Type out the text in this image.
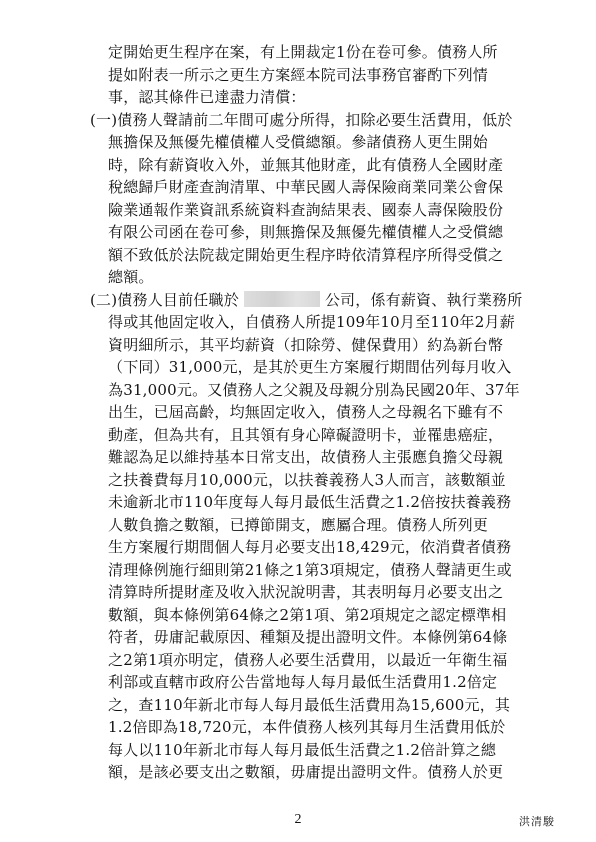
定開始更生程序在案，有上開裁定1份在卷可參。債務人所
提如附表一所示之更生方案經本院司法事務官審酌下列情
事，認其條件已達盡力清償：
(一)債務人聲請前二年間可處分所得，扣除必要生活費用，低於
無擔保及無優先權債權人受償總額。參諸債務人更生開始
時，除有薪資收入外，並無其他財產，此有債務人全國財產
稅總歸戶財產查詢清單、中華民國人壽保險商業同業公會保
險業通報作業資訊系統資料查詢結果表、國泰人壽保險股份
有限公司函在卷可參，則無擔保及無優先權債權人之受償總
額不致低於法院裁定開始更生程序時依清算程序所得受償之
總額。
(二)債務人目前任職於	公司，係有薪資、執行業務所
得或其他固定收入，自債務人所提109年10月至110年2月薪
資明細所示，其平均薪資（扣除勞、健保費用）約為新台幣
（下同）31,000元，是其於更生方案履行期間估列每月收入
為31,000元。又債務人之父親及母親分別為民國20年、37年
出生，已屆高齡，均無固定收入，債務人之母親名下雖有不
動產，但為共有，且其領有身心障礙證明卡，並罹患癌症，
難認為足以維持基本日常支出，故債務人主張應負擔父母親
之扶養費每月10,000元，以扶養義務人3人而言，該數額並
未逾新北市110年度每人每月最低生活費之1.2倍按扶養義務
人數負擔之數額，已撙節開支，應屬合理。債務人所列更
生方案履行期間個人每月必要支出18,429元，依消費者債務
清理條例施行細則第21條之1第3項規定，債務人聲請更生或
清算時所提財產及收入狀況說明書，其表明每月必要支出之
數額，與本條例第64條之2第1項、第2項規定之認定標準相
符者，毋庸記載原因、種類及提出證明文件。本條例第64條
之2第1項亦明定，債務人必要生活費用，以最近一年衛生福
利部或直轄市政府公告當地每人每月最低生活費用1.2倍定
之，查110年新北市每人每月最低生活費用為15,600元，其
1.2倍即為18,720元，本件債務人核列其每月生活費用低於
每人以110年新北市每人每月最低生活費之1.2倍計算之總
額，是該必要支出之數額，毋庸提出證明文件。債務人於更
2	洪清駿
